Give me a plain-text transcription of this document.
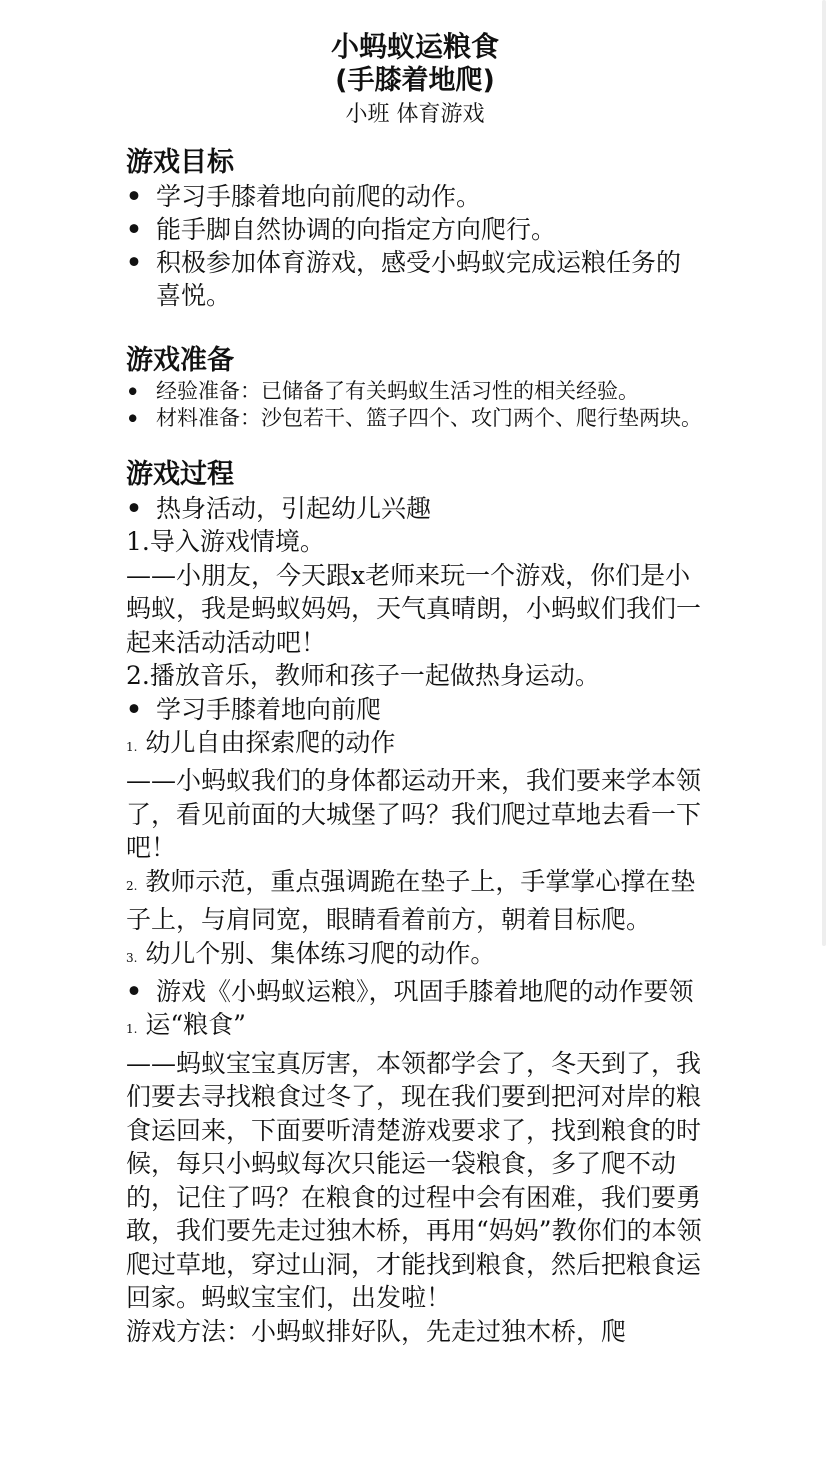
小蚂蚁运粮食
(手膝着地爬)
小班 体育游戏
游戏目标
• 学习手膝着地向前爬的动作。
• 能手脚自然协调的向指定方向爬行。
• 积极参加体育游戏，感受小蚂蚁完成运粮任务的喜悦。
游戏准备
• 经验准备：已储备了有关蚂蚁生活习性的相关经验。
• 材料准备：沙包若干、篮子四个、攻门两个、爬行垫两块。
游戏过程
• 热身活动，引起幼儿兴趣

1.导入游戏情境。

——小朋友，今天跟x老师来玩一个游戏，你们是小蚂蚁，我是蚂蚁妈妈，天气真晴朗，小蚂蚁们我们一起来活动活动吧！

2.播放音乐，教师和孩子一起做热身运动。

• 学习手膝着地向前爬

1. 幼儿自由探索爬的动作

——小蚂蚁我们的身体都运动开来，我们要来学本领了，看见前面的大城堡了吗？我们爬过草地去看一下吧！

2. 教师示范，重点强调跪在垫子上，手掌掌心撑在垫子上，与肩同宽，眼睛看着前方，朝着目标爬。

3. 幼儿个别、集体练习爬的动作。

• 游戏《小蚂蚁运粮》，巩固手膝着地爬的动作要领

1. 运“粮食”

——蚂蚁宝宝真厉害，本领都学会了，冬天到了，我们要去寻找粮食过冬了，现在我们要到把河对岸的粮食运回来，下面要听清楚游戏要求了，找到粮食的时候，每只小蚂蚁每次只能运一袋粮食，多了爬不动的，记住了吗？在粮食的过程中会有困难，我们要勇敢，我们要先走过独木桥，再用“妈妈”教你们的本领爬过草地，穿过山洞，才能找到粮食，然后把粮食运回家。蚂蚁宝宝们，出发啦！

游戏方法：小蚂蚁排好队，先走过独木桥，爬
